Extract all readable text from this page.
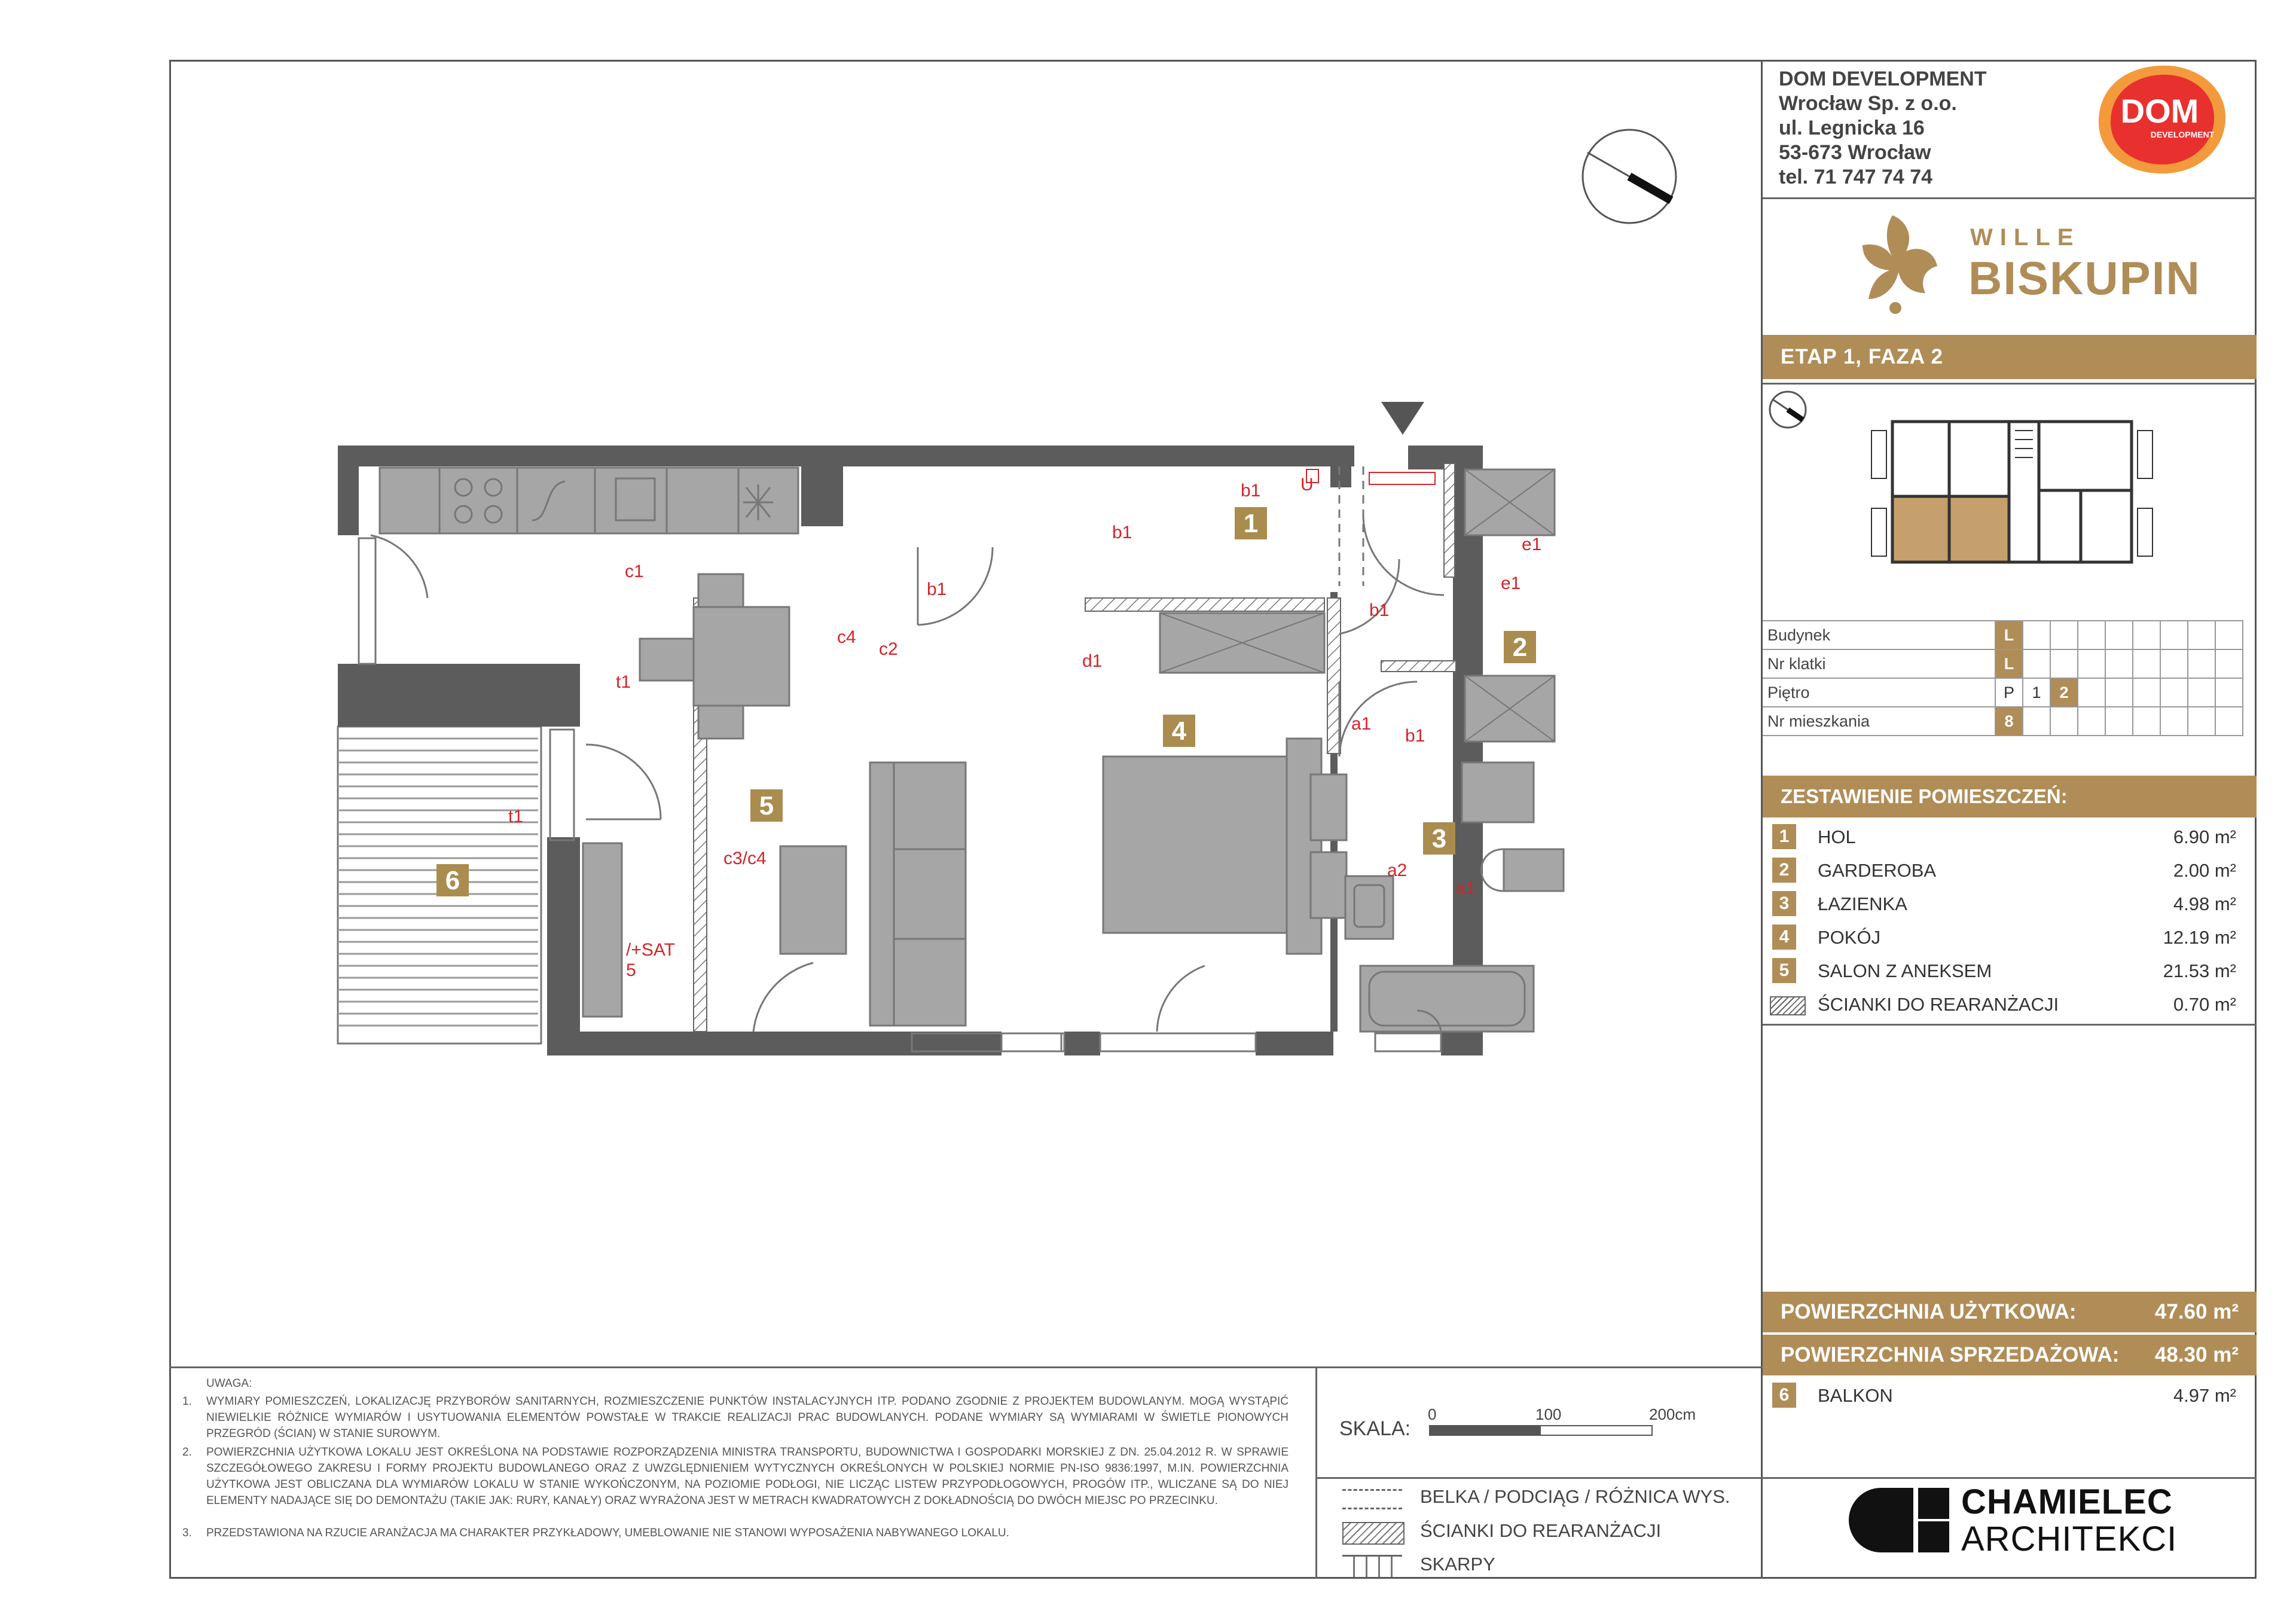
DOM DEVELOPMENT
Wrocław Sp. z o.o.
ul. Legnicka 16
53-673 Wrocław
tel. 71 747 74 74
DOM
DEVELOPMENT
WILLE
BISKUPIN
ETAP 1, FAZA 2
Budynek	L								
Nr klatki	L								
Piętro	P	1	2						
Nr mieszkania	8								
ZESTAWIENIE POMIESZCZEŃ:
1	HOL	6.90 m²
2	GARDEROBA	2.00 m²
3	ŁAZIENKA	4.98 m²
4	POKÓJ	12.19 m²
5	SALON Z ANEKSEM	21.53 m²
ŚCIANKI DO REARANŻACJI	0.70 m²
POWIERZCHNIA UŻYTKOWA:	47.60 m²
POWIERZCHNIA SPRZEDAŻOWA: 48.30 m²
6	BALKON	4.97 m²
1
2
3
4
5
6
b1
b1
b1
b1
b1
c1
c4
c2
d1
t1
t1
c3/c4
e1
e1
a1
a1
a2
/+SAT
5
U
UWAGA:
1. WYMIARY POMIESZCZEŃ, LOKALIZACJĘ PRZYBORÓW SANITARNYCH, ROZMIESZCZENIE PUNKTÓW INSTALACYJNYCH ITP. PODANO ZGODNIE Z PROJEKTEM BUDOWLANYM. MOGĄ WYSTĄPIĆ NIEWIELKIE RÓŻNICE WYMIARÓW I USYTUOWANIA ELEMENTÓW POWSTAŁE W TRAKCIE REALIZACJI PRAC BUDOWLANYCH. PODANE WYMIARY SĄ WYMIARAMI W ŚWIETLE PIONOWYCH PRZEGRÓD (ŚCIAN) W STANIE SUROWYM.
2. POWIERZCHNIA UŻYTKOWA LOKALU JEST OKREŚLONA NA PODSTAWIE ROZPORZĄDZENIA MINISTRA TRANSPORTU, BUDOWNICTWA I GOSPODARKI MORSKIEJ Z DN. 25.04.2012 R. W SPRAWIE SZCZEGÓŁOWEGO ZAKRESU I FORMY PROJEKTU BUDOWLANEGO ORAZ Z UWZGLĘDNIENIEM WYTYCZNYCH OKREŚLONYCH W POLSKIEJ NORMIE PN-ISO 9836:1997, M.IN. POWIERZCHNIA UŻYTKOWA JEST OBLICZANA DLA WYMIARÓW LOKALU W STANIE WYKOŃCZONYM, NA POZIOMIE PODŁOGI, NIE LICZĄC LISTEW PRZYPODŁOGOWYCH, PROGÓW ITP., WLICZANE SĄ DO NIEJ ELEMENTY NADAJĄCE SIĘ DO DEMONTAŻU (TAKIE JAK: RURY, KANAŁY) ORAZ WYRAŻONA JEST W METRACH KWADRATOWYCH Z DOKŁADNOŚCIĄ DO DWÓCH MIEJSC PO PRZECINKU.
3. PRZEDSTAWIONA NA RZUCIE ARANŻACJA MA CHARAKTER PRZYKŁADOWY, UMEBLOWANIE NIE STANOWI WYPOSAŻENIA NABYWANEGO LOKALU.
SKALA:
0	100	200cm
BELKA / PODCIĄG / RÓŻNICA WYS.
ŚCIANKI DO REARANŻACJI
SKARPY
CHAMIELEC
ARCHITEKCI
